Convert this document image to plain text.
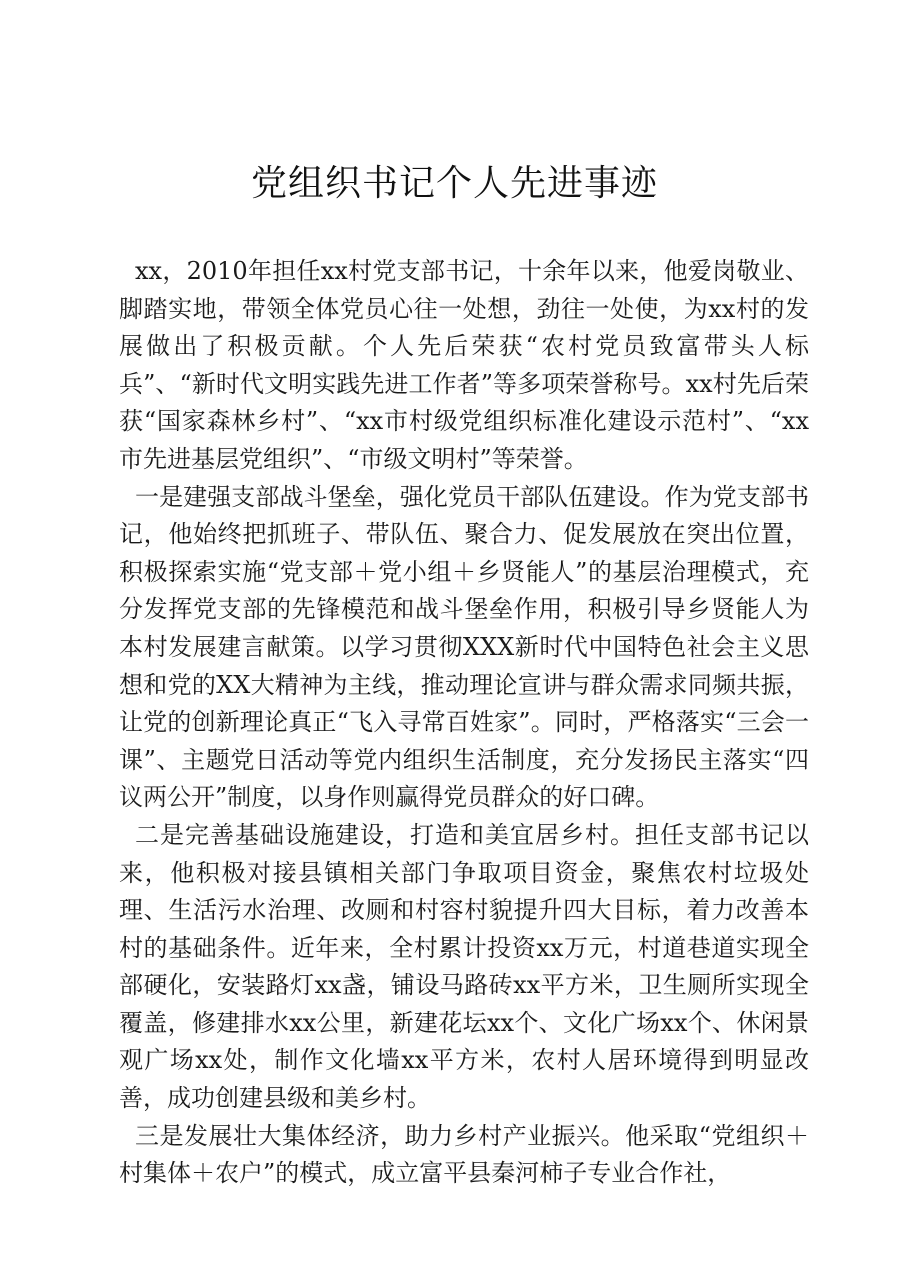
党组织书记个人先进事迹

xx，2010年担任xx村党支部书记，十余年以来，他爱岗敬业、脚踏实地，带领全体党员心往一处想，劲往一处使，为xx村的发展做出了积极贡献。个人先后荣获“农村党员致富带头人标兵”、“新时代文明实践先进工作者”等多项荣誉称号。xx村先后荣获“国家森林乡村”、“xx市村级党组织标准化建设示范村”、“xx市先进基层党组织”、“市级文明村”等荣誉。

一是建强支部战斗堡垒，强化党员干部队伍建设。作为党支部书记，他始终把抓班子、带队伍、聚合力、促发展放在突出位置，积极探索实施“党支部＋党小组＋乡贤能人”的基层治理模式，充分发挥党支部的先锋模范和战斗堡垒作用，积极引导乡贤能人为本村发展建言献策。以学习贯彻XXX新时代中国特色社会主义思想和党的XX大精神为主线，推动理论宣讲与群众需求同频共振，让党的创新理论真正“飞入寻常百姓家”。同时，严格落实“三会一课”、主题党日活动等党内组织生活制度，充分发扬民主落实“四议两公开”制度，以身作则赢得党员群众的好口碑。

二是完善基础设施建设，打造和美宜居乡村。担任支部书记以来，他积极对接县镇相关部门争取项目资金，聚焦农村垃圾处理、生活污水治理、改厕和村容村貌提升四大目标，着力改善本村的基础条件。近年来，全村累计投资xx万元，村道巷道实现全部硬化，安装路灯xx盏，铺设马路砖xx平方米，卫生厕所实现全覆盖，修建排水xx公里，新建花坛xx个、文化广场xx个、休闲景观广场xx处，制作文化墙xx平方米，农村人居环境得到明显改善，成功创建县级和美乡村。

三是发展壮大集体经济，助力乡村产业振兴。他采取“党组织＋村集体＋农户”的模式，成立富平县秦河柿子专业合作社，
